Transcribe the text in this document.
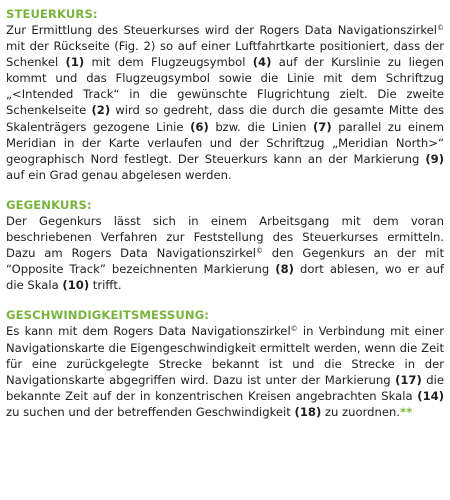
STEUERKURS:

Zur Ermittlung des Steuerkurses wird der Rogers Data Navigationszirkel© mit der Rückseite (Fig. 2) so auf einer Luftfahrtkarte positioniert, dass der Schenkel (1) mit dem Flugzeugsymbol (4) auf der Kurslinie zu liegen kommt und das Flugzeugsymbol sowie die Linie mit dem Schriftzug „<Intended Track“ in die gewünschte Flugrichtung zielt. Die zweite Schenkelseite (2) wird so gedreht, dass die durch die gesamte Mitte des Skalenträgers gezogene Linie (6) bzw. die Linien (7) parallel zu einem Meridian in der Karte verlaufen und der Schriftzug „Meridian North>“ geographisch Nord festlegt. Der Steuerkurs kann an der Markierung (9) auf ein Grad genau abgelesen werden.

GEGENKURS:

Der Gegenkurs lässt sich in einem Arbeitsgang mit dem voran beschriebenen Verfahren zur Feststellung des Steuerkurses ermitteln. Dazu am Rogers Data Navigationszirkel© den Gegenkurs an der mit “Opposite Track” bezeichnenten Markierung (8) dort ablesen, wo er auf die Skala (10) trifft.

GESCHWINDIGKEITSMESSUNG:

Es kann mit dem Rogers Data Navigationszirkel© in Verbindung mit einer Navigationskarte die Eigengeschwindigkeit ermittelt werden, wenn die Zeit für eine zurückgelegte Strecke bekannt ist und die Strecke in der Navigationskarte abgegriffen wird. Dazu ist unter der Markierung (17) die bekannte Zeit auf der in konzentrischen Kreisen angebrachten Skala (14) zu suchen und der betreffenden Geschwindigkeit (18) zu zuordnen.**
